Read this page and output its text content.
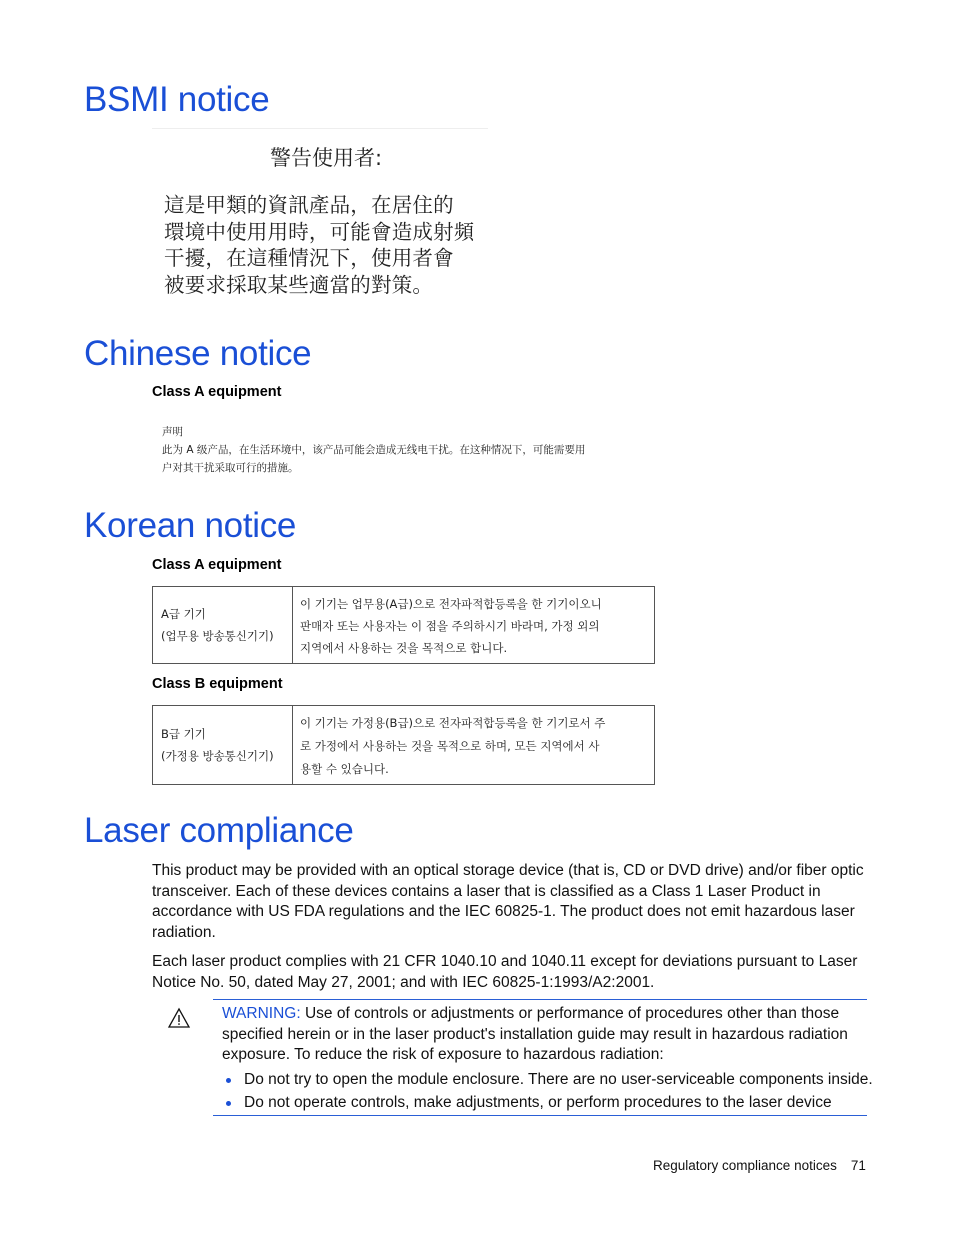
BSMI notice
警告使用者:
這是甲類的資訊產品，在居住的
環境中使用用時，可能會造成射頻
干擾，在這種情況下，使用者會
被要求採取某些適當的對策。
Chinese notice
Class A equipment
声明
此为 A 级产品，在生活环境中，该产品可能会造成无线电干扰。在这种情况下，可能需要用
户对其干扰采取可行的措施。
Korean notice
Class A equipment
A급 기기
(업무용 방송통신기기)
이 기기는 업무용(A급)으로 전자파적합등록을 한 기기이오니
판매자 또는 사용자는 이 점을 주의하시기 바라며, 가정 외의
지역에서 사용하는 것을 목적으로 합니다.
Class B equipment
B급 기기
(가정용 방송통신기기)
이 기기는 가정용(B급)으로 전자파적합등록을 한 기기로서 주
로 가정에서 사용하는 것을 목적으로 하며, 모든 지역에서 사
용할 수 있습니다.
Laser compliance

This product may be provided with an optical storage device (that is, CD or DVD drive) and/or fiber optic transceiver. Each of these devices contains a laser that is classified as a Class 1 Laser Product in accordance with US FDA regulations and the IEC 60825-1. The product does not emit hazardous laser radiation.

Each laser product complies with 21 CFR 1040.10 and 1040.11 except for deviations pursuant to Laser Notice No. 50, dated May 27, 2001; and with IEC 60825-1:1993/A2:2001.

WARNING: Use of controls or adjustments or performance of procedures other than those specified herein or in the laser product's installation guide may result in hazardous radiation exposure. To reduce the risk of exposure to hazardous radiation:
Do not try to open the module enclosure. There are no user-serviceable components inside.
Do not operate controls, make adjustments, or perform procedures to the laser device
Regulatory compliance notices 71
